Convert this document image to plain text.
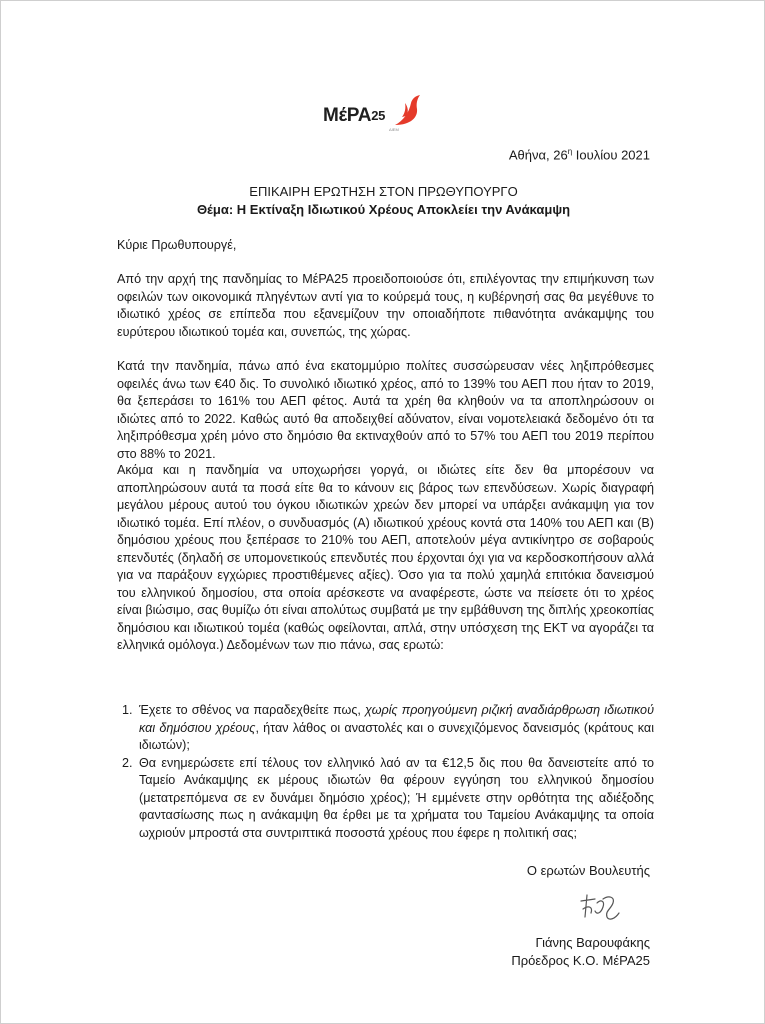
MέPA25
ΔΙΕΜ
Αθήνα, $26^\eta$ Ιουλίου 2021
ΕΠΙΚΑΙΡΗ ΕΡΩΤΗΣΗ ΣΤΟΝ ΠΡΩΘΥΠΟΥΡΓΟ
Θέμα: Η Εκτίναξη Ιδιωτικού Χρέους Αποκλείει την Ανάκαμψη

Κύριε Πρωθυπουργέ,

Από την αρχή της πανδημίας το ΜέΡΑ25 προειδοποιούσε ότι, επιλέγοντας την επιμήκυνση των οφειλών των οικονομικά πληγέντων αντί για το κούρεμά τους, η κυβέρνησή σας θα μεγέθυνε το ιδιωτικό χρέος σε επίπεδα που εξανεμίζουν την οποιαδήποτε πιθανότητα ανάκαμψης του ευρύτερου ιδιωτικού τομέα και, συνεπώς, της χώρας.

Κατά την πανδημία, πάνω από ένα εκατομμύριο πολίτες συσσώρευσαν νέες ληξιπρόθεσμες οφειλές άνω των €40 δις. Το συνολικό ιδιωτικό χρέος, από το 139% του ΑΕΠ που ήταν το 2019, θα ξεπεράσει το 161% του ΑΕΠ φέτος. Αυτά τα χρέη θα κληθούν να τα αποπληρώσουν οι ιδιώτες από το 2022. Καθώς αυτό θα αποδειχθεί αδύνατον, είναι νομοτελειακά δεδομένο ότι τα ληξιπρόθεσμα χρέη μόνο στο δημόσιο θα εκτιναχθούν από το 57% του ΑΕΠ του 2019 περίπου στο 88% το 2021.

Ακόμα και η πανδημία να υποχωρήσει γοργά, οι ιδιώτες είτε δεν θα μπορέσουν να αποπληρώσουν αυτά τα ποσά είτε θα το κάνουν εις βάρος των επενδύσεων. Χωρίς διαγραφή μεγάλου μέρους αυτού του όγκου ιδιωτικών χρεών δεν μπορεί να υπάρξει ανάκαμψη για τον ιδιωτικό τομέα. Επί πλέον, ο συνδυασμός (Α) ιδιωτικού χρέους κοντά στα 140% του ΑΕΠ και (Β) δημόσιου χρέους που ξεπέρασε το 210% του ΑΕΠ, αποτελούν μέγα αντικίνητρο σε σοβαρούς επενδυτές (δηλαδή σε υπομονετικούς επενδυτές που έρχονται όχι για να κερδοσκοπήσουν αλλά για να παράξουν εγχώριες προστιθέμενες αξίες). Όσο για τα πολύ χαμηλά επιτόκια δανεισμού του ελληνικού δημοσίου, στα οποία αρέσκεστε να αναφέρεστε, ώστε να πείσετε ότι το χρέος είναι βιώσιμο, σας θυμίζω ότι είναι απολύτως συμβατά με την εμβάθυνση της διπλής χρεοκοπίας δημόσιου και ιδιωτικού τομέα (καθώς οφείλονται, απλά, στην υπόσχεση της ΕΚΤ να αγοράζει τα ελληνικά ομόλογα.) Δεδομένων των πιο πάνω, σας ερωτώ:

1. Έχετε το σθένος να παραδεχθείτε πως, χωρίς προηγούμενη ριζική αναδιάρθρωση ιδιωτικού και δημόσιου χρέους, ήταν λάθος οι αναστολές και ο συνεχιζόμενος δανεισμός (κράτους και ιδιωτών);
2. Θα ενημερώσετε επί τέλους τον ελληνικό λαό αν τα €12,5 δις που θα δανειστείτε από το Ταμείο Ανάκαμψης εκ μέρους ιδιωτών θα φέρουν εγγύηση του ελληνικού δημοσίου (μετατρεπόμενα σε εν δυνάμει δημόσιο χρέος); Ή εμμένετε στην ορθότητα της αδιέξοδης φαντασίωσης πως η ανάκαμψη θα έρθει με τα χρήματα του Ταμείου Ανάκαμψης τα οποία ωχριούν μπροστά στα συντριπτικά ποσοστά χρέους που έφερε η πολιτική σας;
Ο ερωτών Βουλευτής
Γιάνης Βαρουφάκης
Πρόεδρος Κ.Ο. ΜέΡΑ25
